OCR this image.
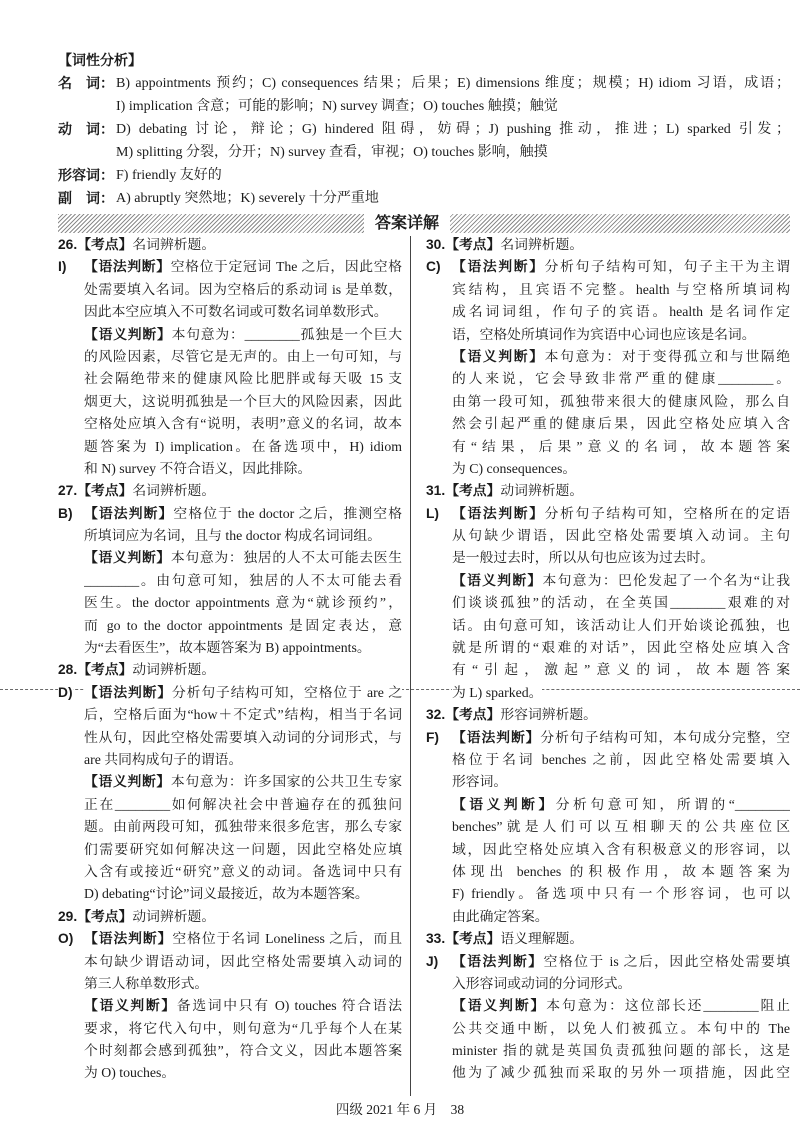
【词性分析】
名　词： B) appointments 预约；C) consequences 结果；后果；E) dimensions 维度；规模；H) idiom 习语，成语；
I) implication 含意；可能的影响；N) survey 调查；O) touches 触摸；触觉
动　词： D) debating 讨论，辩论；G) hindered 阻碍，妨碍；J) pushing 推动，推进；L) sparked 引发；
M) splitting 分裂，分开；N) survey 查看，审视；O) touches 影响，触摸
形容词： F) friendly 友好的
副　词： A) abruptly 突然地；K) severely 十分严重地
答案详解
26.【考点】名词辨析题。
I)	【语法判断】空格位于定冠词 The 之后，因此空格
处需要填入名词。因为空格后的系动词 is 是单数，
因此本空应填入不可数名词或可数名词单数形式。
【语义判断】本句意为：________孤独是一个巨大
的风险因素，尽管它是无声的。由上一句可知，与
社会隔绝带来的健康风险比肥胖或每天吸 15 支
烟更大，这说明孤独是一个巨大的风险因素，因此
空格处应填入含有“说明，表明”意义的名词，故本
题答案为 I) implication。在备选项中，H) idiom
和 N) survey 不符合语义，因此排除。
27.【考点】名词辨析题。
B) 【语法判断】空格位于 the doctor 之后，推测空格
所填词应为名词，且与 the doctor 构成名词词组。
【语义判断】本句意为：独居的人不太可能去医生
________。由句意可知，独居的人不太可能去看
医生。the doctor appointments 意为“就诊预约”，
而 go to the doctor appointments 是固定表达，意
为“去看医生”，故本题答案为 B) appointments。
28.【考点】动词辨析题。
D) 【语法判断】分析句子结构可知，空格位于 are 之
后，空格后面为“how＋不定式”结构，相当于名词
性从句，因此空格处需要填入动词的分词形式，与
are 共同构成句子的谓语。
【语义判断】本句意为：许多国家的公共卫生专家
正在________如何解决社会中普遍存在的孤独问
题。由前两段可知，孤独带来很多危害，那么专家
们需要研究如何解决这一问题，因此空格处应填
入含有或接近“研究”意义的动词。备选词中只有
D) debating“讨论”词义最接近，故为本题答案。
29.【考点】动词辨析题。
O) 【语法判断】空格位于名词 Loneliness 之后，而且
本句缺少谓语动词，因此空格处需要填入动词的
第三人称单数形式。
【语义判断】备选词中只有 O) touches 符合语法
要求，将它代入句中，则句意为“几乎每个人在某
个时刻都会感到孤独”，符合文义，因此本题答案
为 O) touches。
30.【考点】名词辨析题。
C) 【语法判断】分析句子结构可知，句子主干为主谓
宾结构，且宾语不完整。health 与空格所填词构
成名词词组，作句子的宾语。health 是名词作定
语，空格处所填词作为宾语中心词也应该是名词。
【语义判断】本句意为：对于变得孤立和与世隔绝
的人来说，它会导致非常严重的健康________。
由第一段可知，孤独带来很大的健康风险，那么自
然会引起严重的健康后果，因此空格处应填入含
有“结果，后果”意义的名词，故本题答案
为 C) consequences。
31.【考点】动词辨析题。
L) 【语法判断】分析句子结构可知，空格所在的定语
从句缺少谓语，因此空格处需要填入动词。主句
是一般过去时，所以从句也应该为过去时。
【语义判断】本句意为：巴伦发起了一个名为“让我
们谈谈孤独”的活动，在全英国________艰难的对
话。由句意可知，该活动让人们开始谈论孤独，也
就是所谓的“艰难的对话”，因此空格处应填入含
有“引起，激起”意义的词，故本题答案
为 L) sparked。
32.【考点】形容词辨析题。
F) 【语法判断】分析句子结构可知，本句成分完整，空
格位于名词 benches 之前，因此空格处需要填入
形容词。
【语义判断】分析句意可知，所谓的“________
benches”就是人们可以互相聊天的公共座位区
域，因此空格处应填入含有积极意义的形容词，以
体现出 benches 的积极作用，故本题答案为
F) friendly。备选项中只有一个形容词，也可以
由此确定答案。
33.【考点】语义理解题。
J) 【语法判断】空格位于 is 之后，因此空格处需要填
入形容词或动词的分词形式。
【语义判断】本句意为：这位部长还________阻止
公共交通中断，以免人们被孤立。本句中的 The
minister 指的就是英国负责孤独问题的部长，这是
他为了减少孤独而采取的另外一项措施，因此空
四级 2021 年 6 月　 38
